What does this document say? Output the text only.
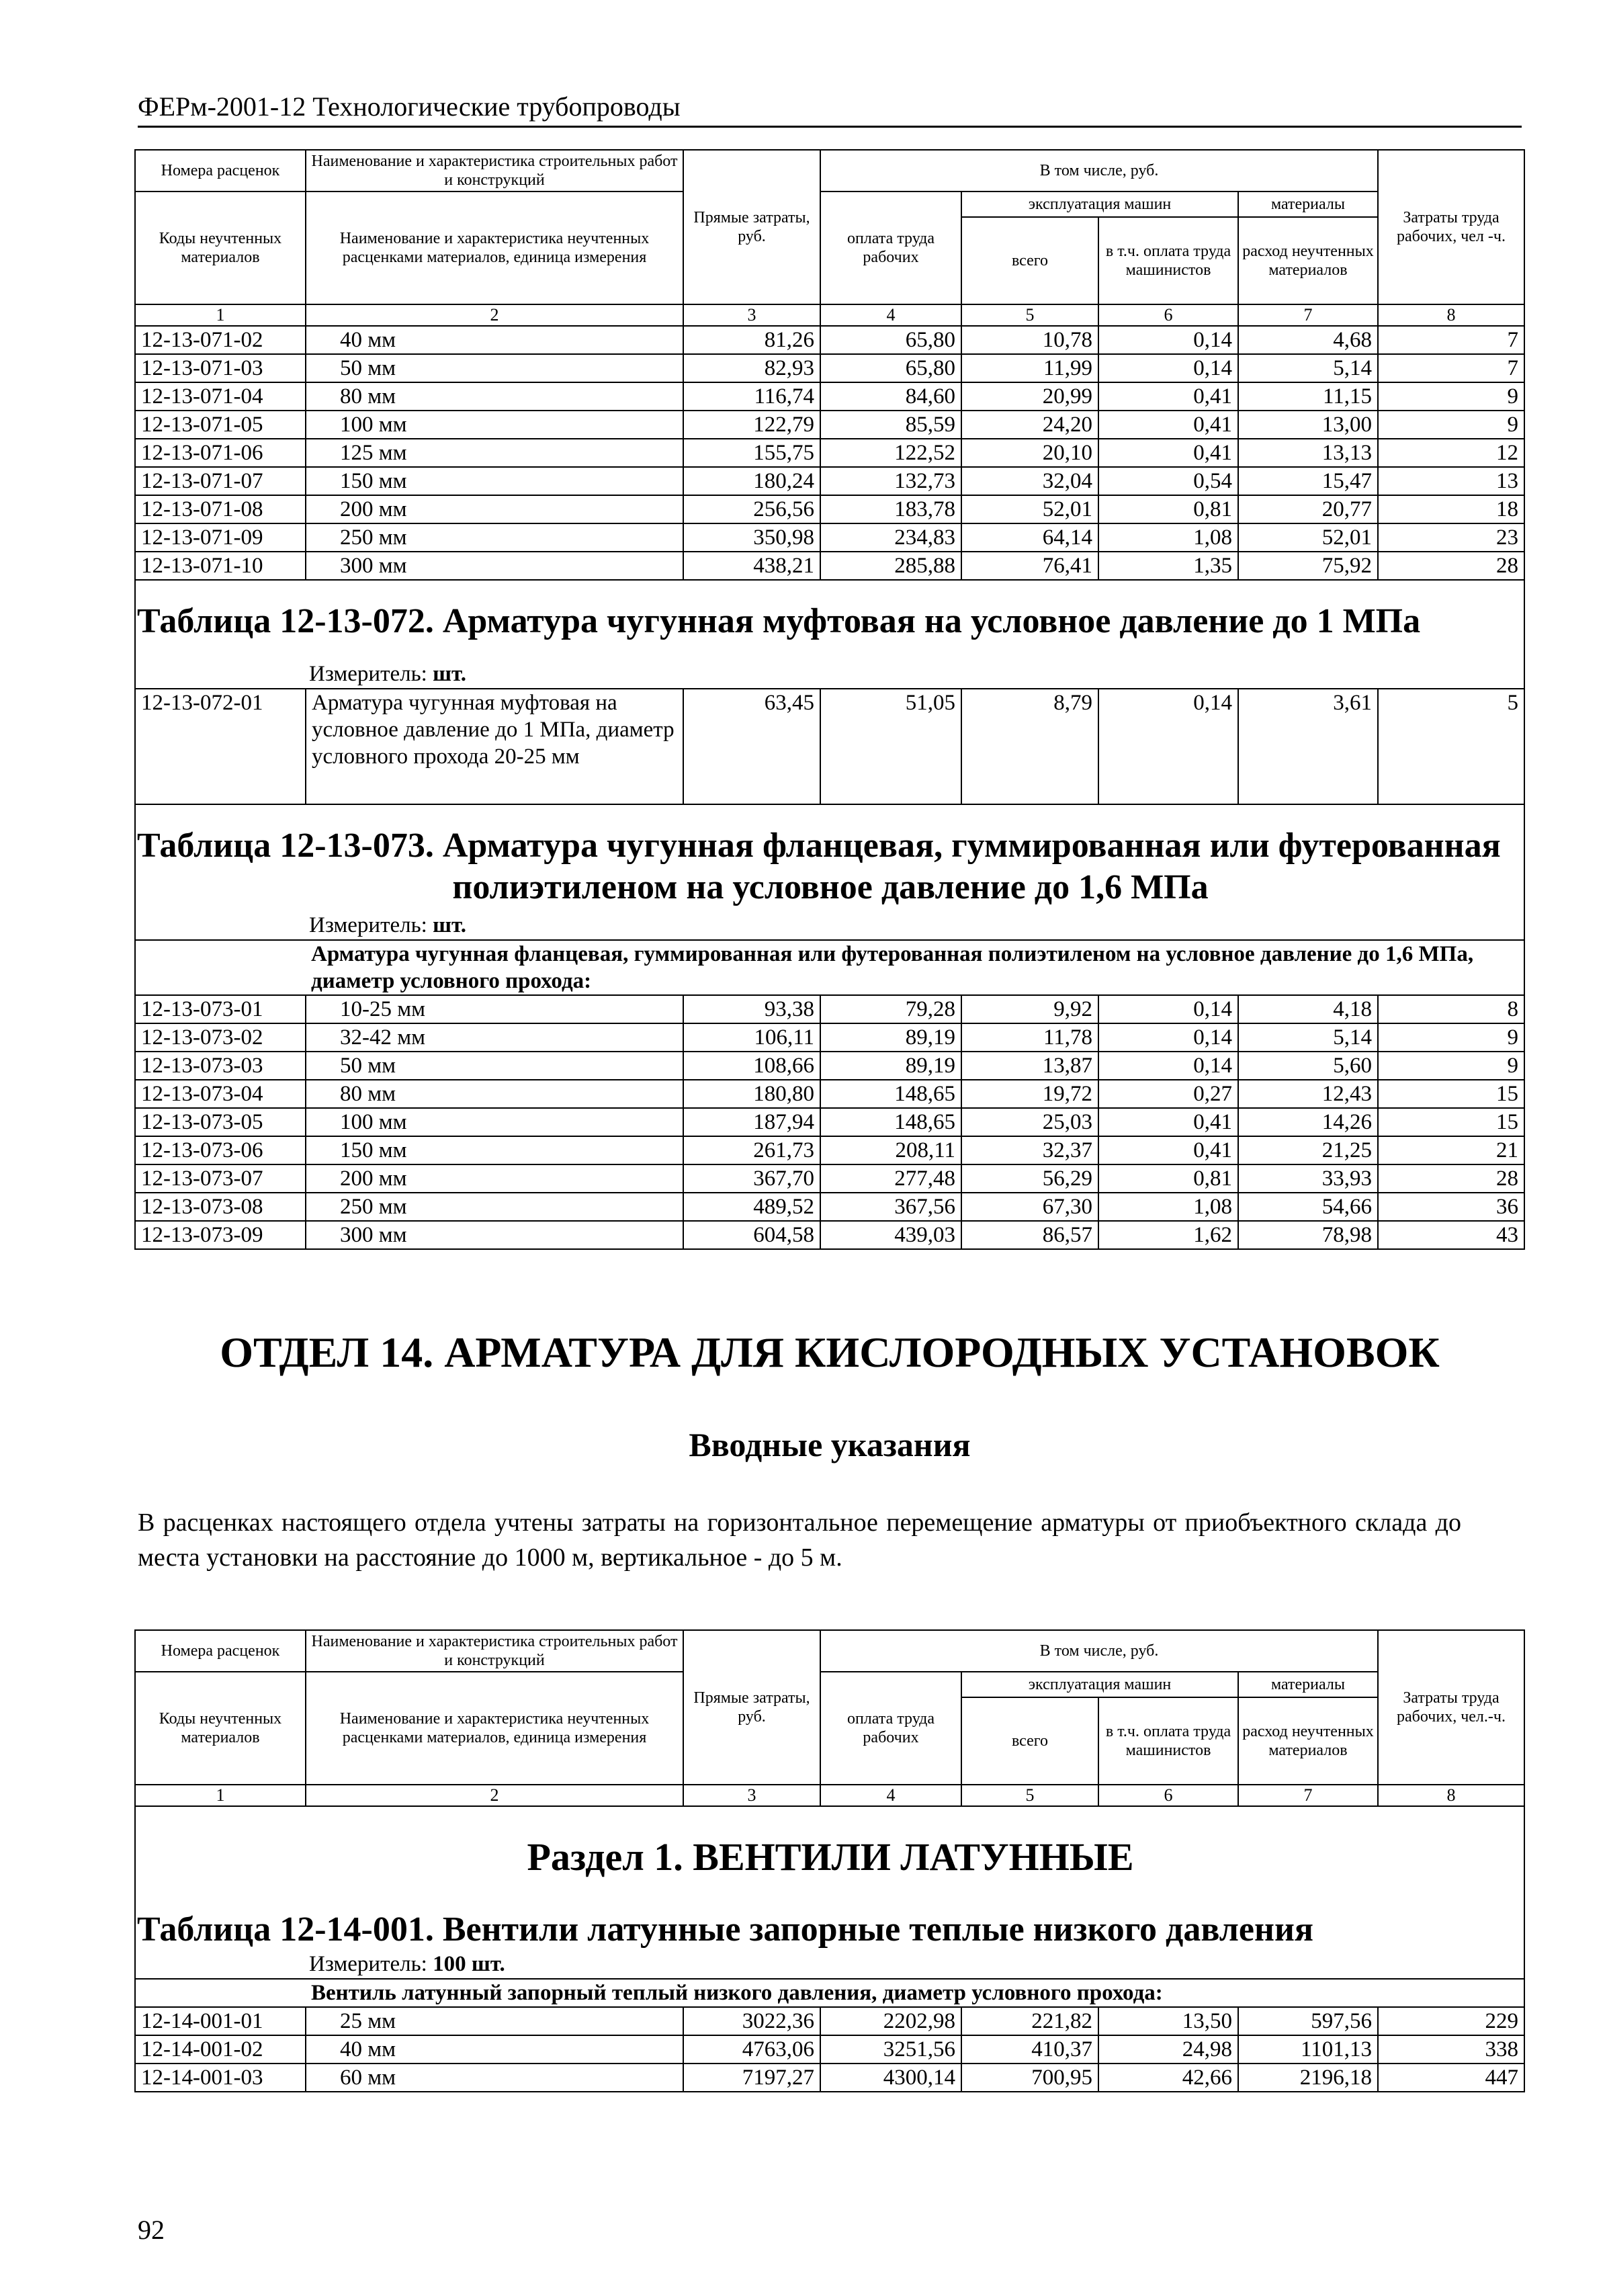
ФЕРм-2001-12 Технологические трубопроводы
Номера расценок	Наименование и характеристика строительных работ и конструкций	Прямые затраты, руб.	В том числе, руб.				Затраты труда рабочих, чел -ч.
Коды неучтенных материалов	Наименование и характеристика неучтенных расценками материалов, единица измерения		оплата труда рабочих	эксплуатация машин		материалы	
				всего	в т.ч. оплата труда машинистов	расход неучтенных материалов	
1	2	3	4	5	6	7	8
12-13-071-02	40 мм	81,26	65,80	10,78	0,14	4,68	7
12-13-071-03	50 мм	82,93	65,80	11,99	0,14	5,14	7
12-13-071-04	80 мм	116,74	84,60	20,99	0,41	11,15	9
12-13-071-05	100 мм	122,79	85,59	24,20	0,41	13,00	9
12-13-071-06	125 мм	155,75	122,52	20,10	0,41	13,13	12
12-13-071-07	150 мм	180,24	132,73	32,04	0,54	15,47	13
12-13-071-08	200 мм	256,56	183,78	52,01	0,81	20,77	18
12-13-071-09	250 мм	350,98	234,83	64,14	1,08	52,01	23
12-13-071-10	300 мм	438,21	285,88	76,41	1,35	75,92	28

Таблица 12-13-072. Арматура чугунная муфтовая на условное давление до 1 МПа							

Измеритель: шт.							
12-13-072-01	Арматура чугунная муфтовая на условное давление до 1 МПа, диаметр условного прохода 20-25 мм	63,45	51,05	8,79	0,14	3,61	5

Таблица 12-13-073. Арматура чугунная фланцевая, гуммированная или футерованная
полиэтиленом на условное давление до 1,6 МПа							

Измеритель: шт.							
	Арматура чугунная фланцевая, гуммированная или футерованная полиэтиленом на условное давление до 1,6 МПа, диаметр условного прохода:						
12-13-073-01	10-25 мм	93,38	79,28	9,92	0,14	4,18	8
12-13-073-02	32-42 мм	106,11	89,19	11,78	0,14	5,14	9
12-13-073-03	50 мм	108,66	89,19	13,87	0,14	5,60	9
12-13-073-04	80 мм	180,80	148,65	19,72	0,27	12,43	15
12-13-073-05	100 мм	187,94	148,65	25,03	0,41	14,26	15
12-13-073-06	150 мм	261,73	208,11	32,37	0,41	21,25	21
12-13-073-07	200 мм	367,70	277,48	56,29	0,81	33,93	28
12-13-073-08	250 мм	489,52	367,56	67,30	1,08	54,66	36
12-13-073-09	300 мм	604,58	439,03	86,57	1,62	78,98	43
ОТДЕЛ 14. АРМАТУРА ДЛЯ КИСЛОРОДНЫХ УСТАНОВОК
Вводные указания
В расценках настоящего отдела учтены затраты на горизонтальное перемещение арматуры от приобъектного склада до места установки на расстояние до 1000 м, вертикальное - до 5 м.
Номера расценок	Наименование и характеристика строительных работ и конструкций	Прямые затраты, руб.	В том числе, руб.				Затраты труда рабочих, чел.-ч.
Коды неучтенных материалов	Наименование и характеристика неучтенных расценками материалов, единица измерения		оплата труда рабочих	эксплуатация машин		материалы	
				всего	в т.ч. оплата труда машинистов	расход неучтенных материалов	
1	2	3	4	5	6	7	8

Раздел 1. ВЕНТИЛИ ЛАТУННЫЕ
Таблица 12-14-001. Вентили латунные запорные теплые низкого давления							

Измеритель: 100 шт.							
	Вентиль латунный запорный теплый низкого давления, диаметр условного прохода:						
12-14-001-01	25 мм	3022,36	2202,98	221,82	13,50	597,56	229
12-14-001-02	40 мм	4763,06	3251,56	410,37	24,98	1101,13	338
12-14-001-03	60 мм	7197,27	4300,14	700,95	42,66	2196,18	447
92
